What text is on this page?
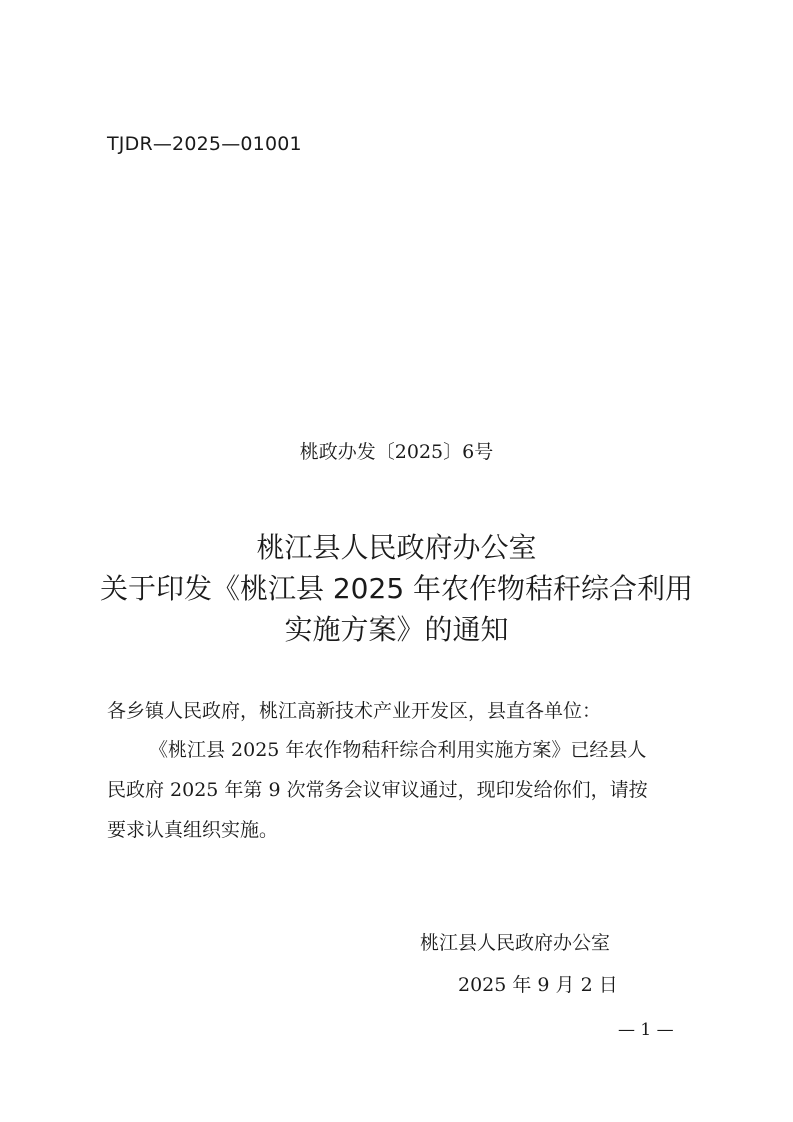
TJDR—2025—01001
桃政办发〔2025〕6号
桃江县人民政府办公室
关于印发《桃江县 2025 年农作物秸秆综合利用
实施方案》的通知
各乡镇人民政府，桃江高新技术产业开发区，县直各单位：
《桃江县 2025 年农作物秸秆综合利用实施方案》已经县人
民政府 2025 年第 9 次常务会议审议通过，现印发给你们，请按
要求认真组织实施。
桃江县人民政府办公室
2025 年 9 月 2 日
— 1 —
